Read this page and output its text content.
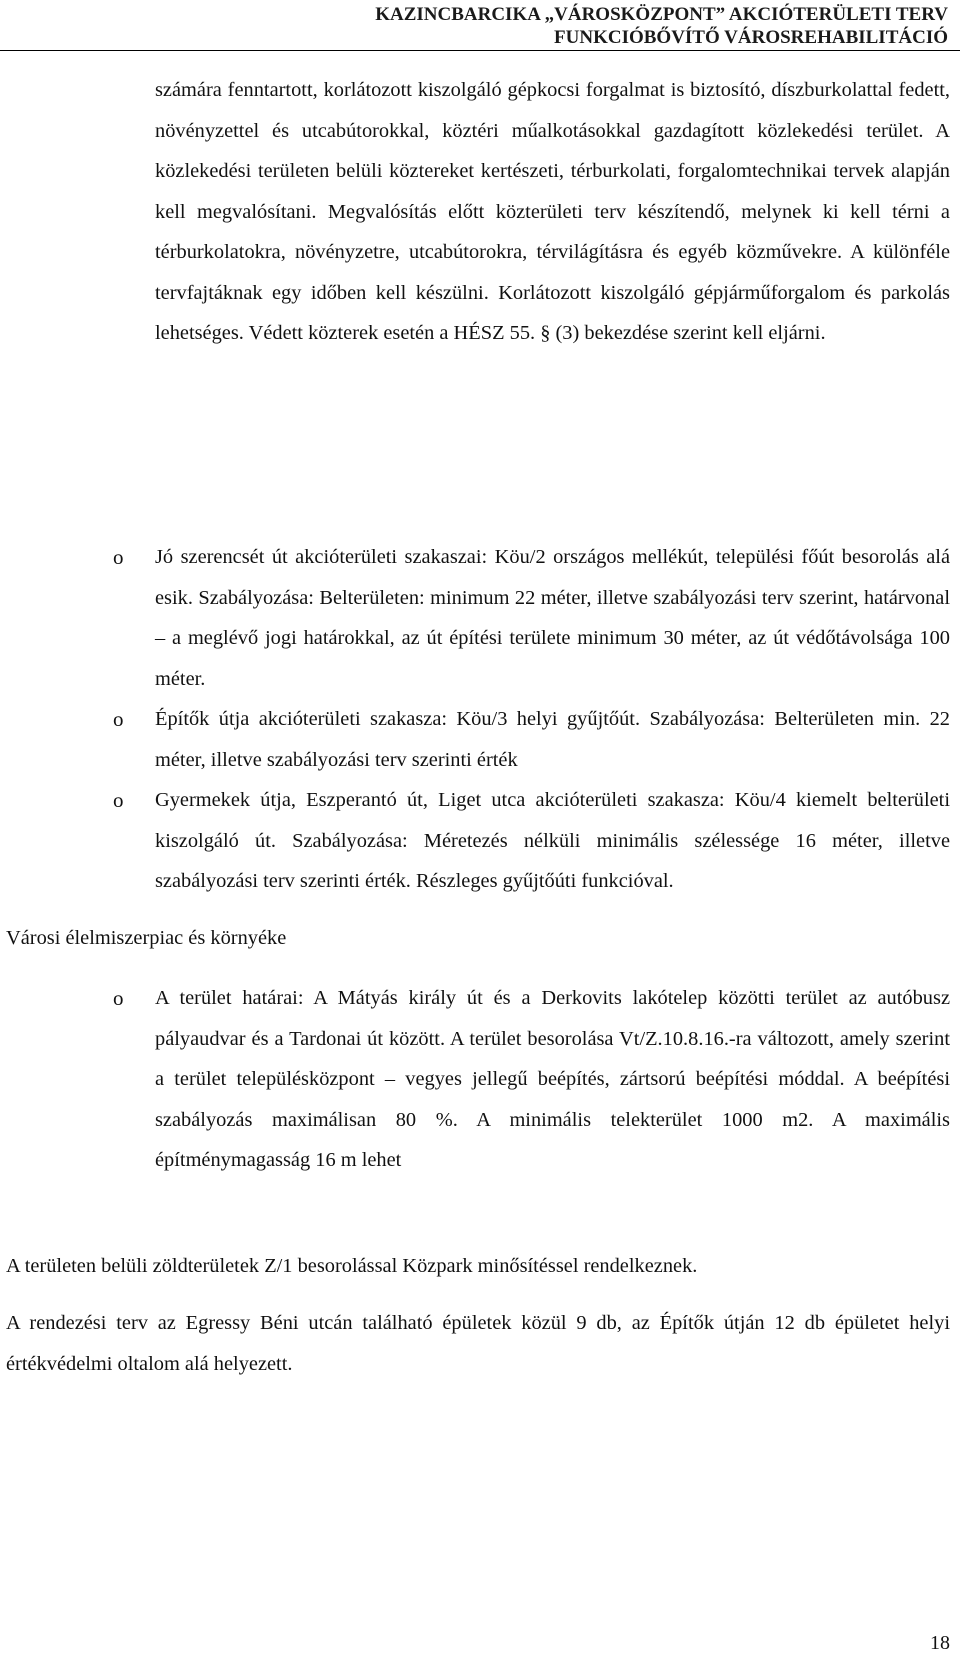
KAZINCBARCIKA „VÁROSKÖZPONT” AKCIÓTERÜLETI TERV
FUNKCIÓBŐVÍTŐ VÁROSREHABILITÁCIÓ
számára fenntartott, korlátozott kiszolgáló gépkocsi forgalmat is biztosító, díszburkolattal fedett, növényzettel és utcabútorokkal, köztéri műalkotásokkal gazdagított közlekedési terület. A közlekedési területen belüli köztereket kertészeti, térburkolati, forgalomtechnikai tervek alapján kell megvalósítani. Megvalósítás előtt közterületi terv készítendő, melynek ki kell térni a térburkolatokra, növényzetre, utcabútorokra, térvilágításra és egyéb közművekre. A különféle tervfajtáknak egy időben kell készülni. Korlátozott kiszolgáló gépjárműforgalom és parkolás lehetséges. Védett közterek esetén a HÉSZ 55. § (3) bekezdése szerint kell eljárni.
o Jó szerencsét út akcióterületi szakaszai: Köu/2 országos mellékút, települési főút besorolás alá esik. Szabályozása: Belterületen: minimum 22 méter, illetve szabályozási terv szerint, határvonal – a meglévő jogi határokkal, az út építési területe minimum 30 méter, az út védőtávolsága 100 méter.
o Építők útja akcióterületi szakasza: Köu/3 helyi gyűjtőút. Szabályozása: Belterületen min. 22 méter, illetve szabályozási terv szerinti érték
o Gyermekek útja, Eszperantó út, Liget utca akcióterületi szakasza: Köu/4 kiemelt belterületi kiszolgáló út. Szabályozása: Méretezés nélküli minimális szélessége 16 méter, illetve szabályozási terv szerinti érték. Részleges gyűjtőúti funkcióval.
Városi élelmiszerpiac és környéke
o A terület határai: A Mátyás király út és a Derkovits lakótelep közötti terület az autóbusz pályaudvar és a Tardonai út között. A terület besorolása Vt/Z.10.8.16.-ra változott, amely szerint a terület településközpont – vegyes jellegű beépítés, zártsorú beépítési móddal. A beépítési szabályozás maximálisan 80 %. A minimális telekterület 1000 m2. A maximális építménymagasság 16 m lehet
A területen belüli zöldterületek Z/1 besorolással Közpark minősítéssel rendelkeznek.
A rendezési terv az Egressy Béni utcán található épületek közül 9 db, az Építők útján 12 db épületet helyi értékvédelmi oltalom alá helyezett.
18
